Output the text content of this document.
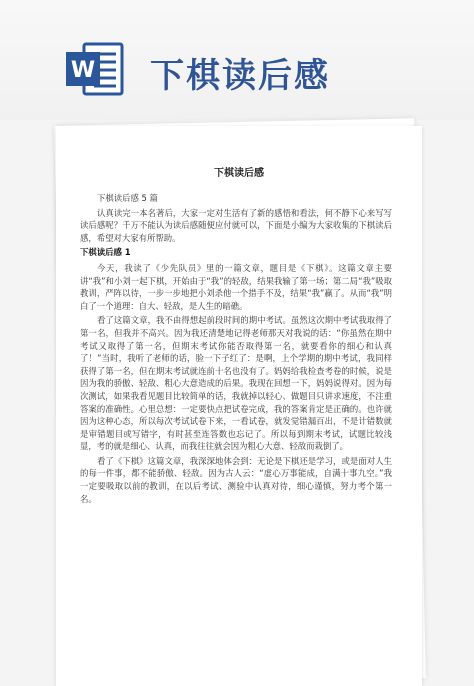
W 下棋读后感
下棋读后感
下棋读后感 5 篇
认真读完一本名著后，大家一定对生活有了新的感悟和看法，何不静下心来写写读后感呢？千万不能认为读后感随便应付就可以，下面是小编为大家收集的下棋读后感，希望对大家有所帮助。
下棋读后感 1
今天，我读了《少先队员》里的一篇文章，题目是《下棋》。这篇文章主要讲“我”和小刘一起下棋，开始由于“我”的轻敌，结果我输了第一场；第二局“我”吸取教训，严阵以待，一步一步地把小刘杀他一个措手不及，结果“我”赢了。从而“我”明白了一个道理：自大、轻敌，是人生的暗礁。
看了这篇文章，我不由得想起前段时间的期中考试。虽然这次期中考试我取得了第一名，但我并不高兴。因为我还清楚地记得老师那天对我说的话：“你虽然在期中考试又取得了第一名，但期末考试你能否取得第一名，就要看你的细心和认真了！”当时，我听了老师的话，脸一下子红了：是啊，上个学期的期中考试，我同样获得了第一名，但在期末考试就连前十名也没有了。妈妈给我检查考卷的时候，说是因为我的骄傲、轻敌、粗心大意造成的后果。我现在回想一下，妈妈说得对。因为每次测试，如果我看见题目比较简单的话，我就掉以轻心、做题目只讲求速度，不注重答案的准确性。心里总想：一定要快点把试卷完成，我的答案肯定是正确的。也许就因为这种心态，所以每次考试试卷下来，一看试卷，就发觉错漏百出，不是计错数就是审错题目或写错字，有时甚至连答数也忘记了。所以每到期末考试，试题比较浅显，考的就是细心、认真，而我往往就会因为粗心大意、轻敌而栽倒了。
看了《下棋》这篇文章，我深深地体会到：无论是下棋还是学习，或是面对人生的每一件事，都不能骄傲、轻敌。因为古人云：“虚心万事能成，自满十事九空。”我一定要吸取以前的教训，在以后考试、测验中认真对待，细心谨慎，努力考个第一名。
